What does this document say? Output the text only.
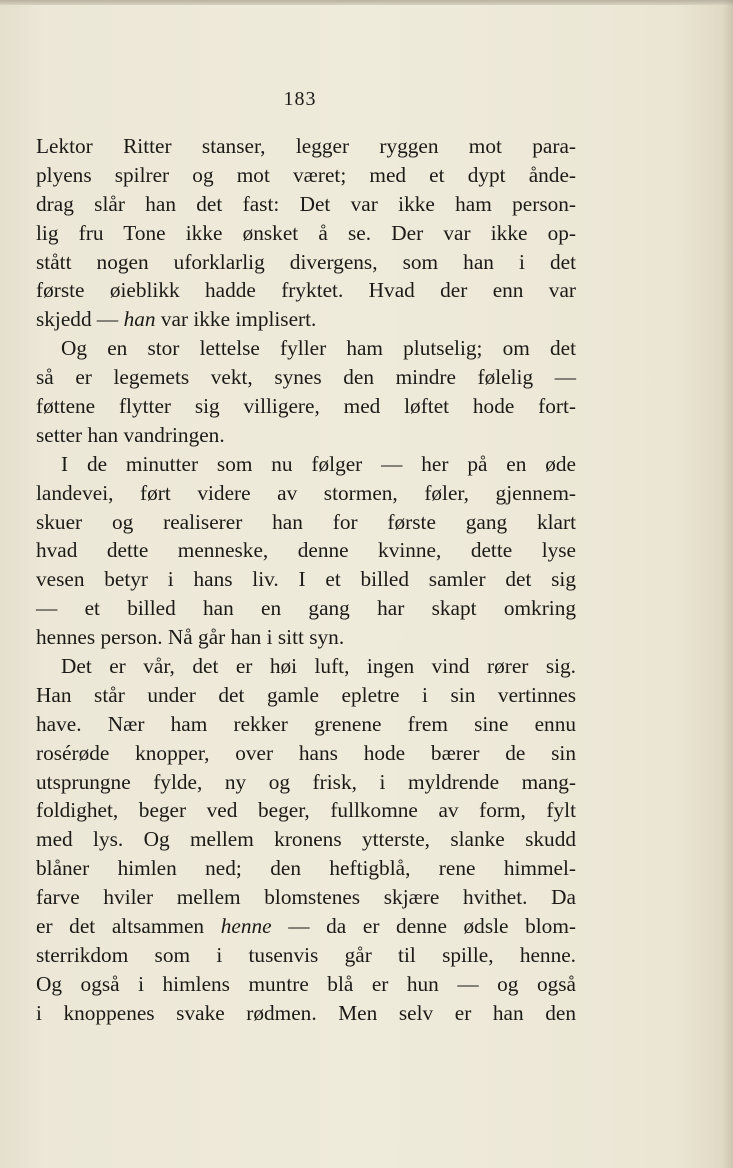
183
Lektor Ritter stanser, legger ryggen mot para-
plyens spilrer og mot været; med et dypt ånde-
drag slår han det fast: Det var ikke ham person-
lig fru Tone ikke ønsket å se. Der var ikke op-
stått nogen uforklarlig divergens, som han i det
første øieblikk hadde fryktet. Hvad der enn var
skjedd — han var ikke implisert.
Og en stor lettelse fyller ham plutselig; om det
så er legemets vekt, synes den mindre følelig —
føttene flytter sig villigere, med løftet hode fort-
setter han vandringen.
I de minutter som nu følger — her på en øde
landevei, ført videre av stormen, føler, gjennem-
skuer og realiserer han for første gang klart
hvad dette menneske, denne kvinne, dette lyse
vesen betyr i hans liv. I et billed samler det sig
— et billed han en gang har skapt omkring
hennes person. Nå går han i sitt syn.
Det er vår, det er høi luft, ingen vind rører sig.
Han står under det gamle epletre i sin vertinnes
have. Nær ham rekker grenene frem sine ennu
rosérøde knopper, over hans hode bærer de sin
utsprungne fylde, ny og frisk, i myldrende mang-
foldighet, beger ved beger, fullkomne av form, fylt
med lys. Og mellem kronens ytterste, slanke skudd
blåner himlen ned; den heftigblå, rene himmel-
farve hviler mellem blomstenes skjære hvithet. Da
er det altsammen henne — da er denne ødsle blom-
sterrikdom som i tusenvis går til spille, henne.
Og også i himlens muntre blå er hun — og også
i knoppenes svake rødmen. Men selv er han den
